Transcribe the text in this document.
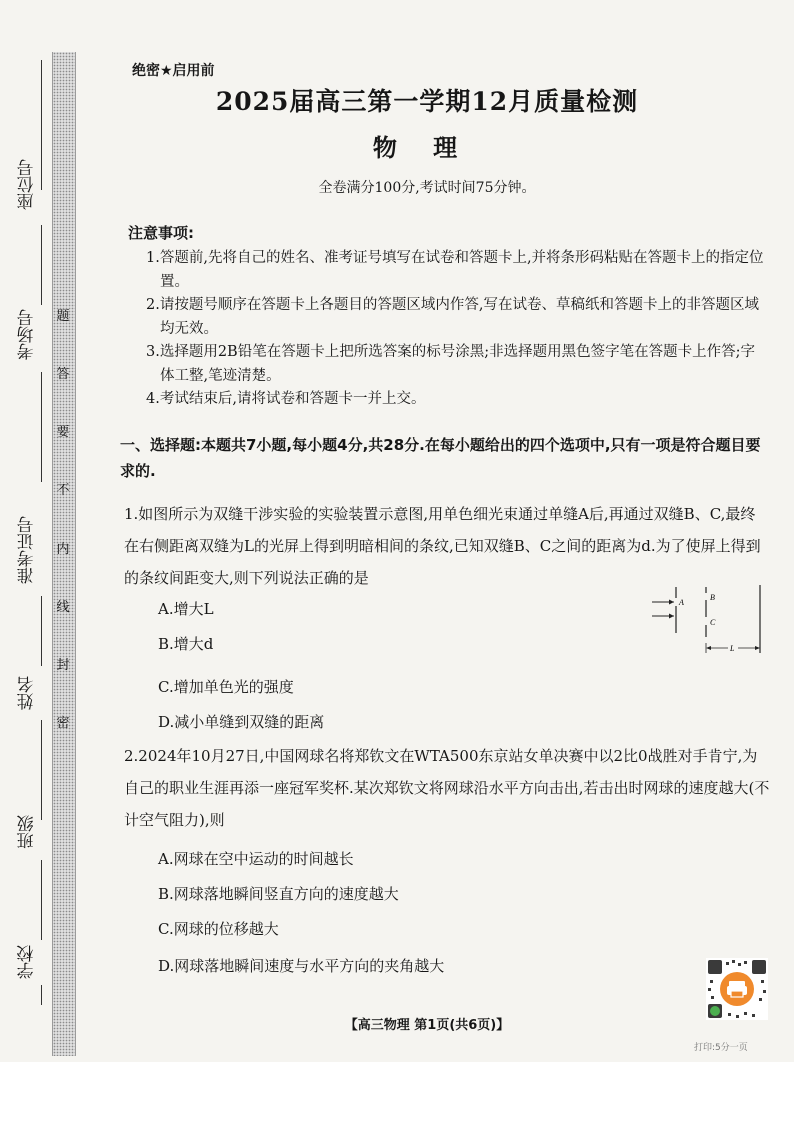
题
答
要
不
内
线
封
密
座位号
考场号
准考证号
姓名
班级
学校
绝密★启用前
2025届高三第一学期12月质量检测
物 理
全卷满分100分,考试时间75分钟。
注意事项:
1.答题前,先将自己的姓名、准考证号填写在试卷和答题卡上,并将条形码粘贴在答题卡上的指定位置。
2.请按题号顺序在答题卡上各题目的答题区域内作答,写在试卷、草稿纸和答题卡上的非答题区域均无效。
3.选择题用2B铅笔在答题卡上把所选答案的标号涂黑;非选择题用黑色签字笔在答题卡上作答;字体工整,笔迹清楚。
4.考试结束后,请将试卷和答题卡一并上交。
一、选择题:本题共7小题,每小题4分,共28分.在每小题给出的四个选项中,只有一项是符合题目要求的.
1.如图所示为双缝干涉实验的实验装置示意图,用单色细光束通过单缝A后,再通过双缝B、C,最终在右侧距离双缝为L的光屏上得到明暗相间的条纹,已知双缝B、C之间的距离为d.为了使屏上得到的条纹间距变大,则下列说法正确的是
A.增大L
B.增大d
C.增加单色光的强度
D.减小单缝到双缝的距离
A
B
C
L
2.2024年10月27日,中国网球名将郑钦文在WTA500东京站女单决赛中以2比0战胜对手肯宁,为自己的职业生涯再添一座冠军奖杯.某次郑钦文将网球沿水平方向击出,若击出时网球的速度越大(不计空气阻力),则
A.网球在空中运动的时间越长
B.网球落地瞬间竖直方向的速度越大
C.网球的位移越大
D.网球落地瞬间速度与水平方向的夹角越大
【高三物理 第1页(共6页)】
打印:5分一页
